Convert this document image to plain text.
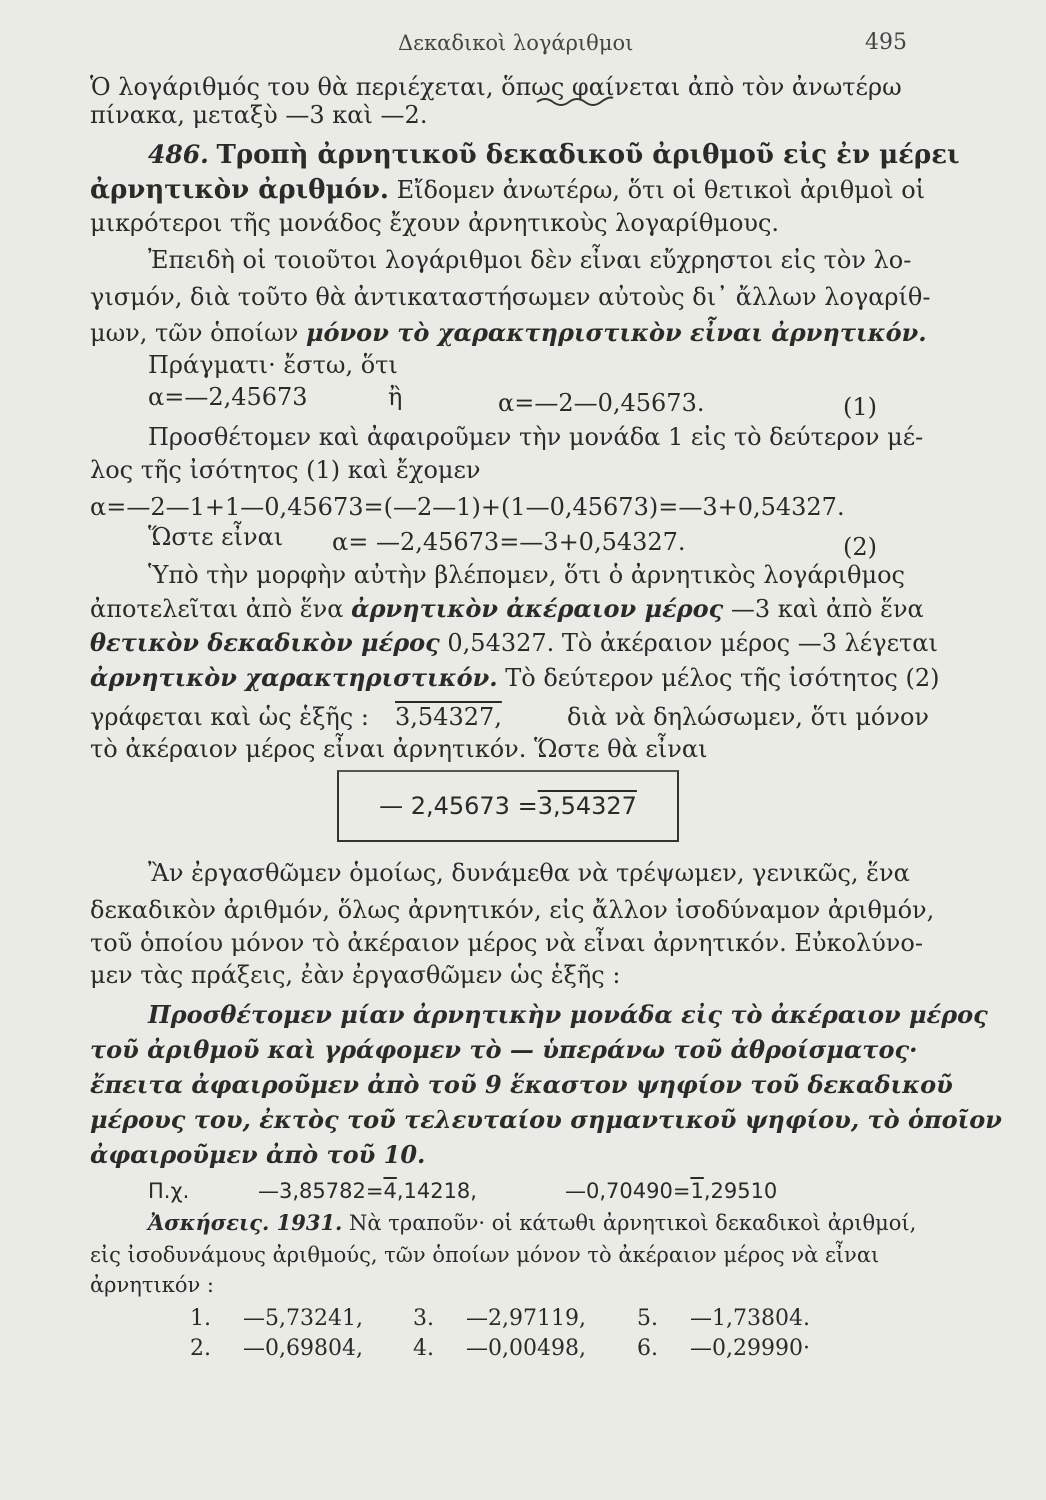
Δεκαδικοὶ λογάριθμοι	495
Ὁ λογάριθμός του θὰ περιέχεται, ὅπως φαίνεται ἀπὸ τὸν ἀνωτέρω
πίνακα, μεταξὺ —3 καὶ —2.
486. Τροπὴ ἀρνητικοῦ δεκαδικοῦ ἀριθμοῦ εἰς ἐν μέρει
ἀρνητικὸν ἀριθμόν. Εἴδομεν ἀνωτέρω, ὅτι οἱ θετικοὶ ἀριθμοὶ οἱ
μικρότεροι τῆς μονάδος ἔχουν ἀρνητικοὺς λογαρίθμους.
Ἐπειδὴ οἱ τοιοῦτοι λογάριθμοι δὲν εἶναι εὔχρηστοι εἰς τὸν λο-
γισμόν, διὰ τοῦτο θὰ ἀντικαταστήσωμεν αὐτοὺς δι᾿ ἄλλων λογαρίθ-
μων, τῶν ὁποίων μόνον τὸ χαρακτηριστικὸν εἶναι ἀρνητικόν.
Πράγματι· ἔστω, ὅτι
α=—2,45673	ἢ	α=—2—0,45673.	(1)
Προσθέτομεν καὶ ἀφαιροῦμεν τὴν μονάδα 1 εἰς τὸ δεύτερον μέ-
λος τῆς ἰσότητος (1) καὶ ἔχομεν
α=—2—1+1—0,45673=(—2—1)+(1—0,45673)=—3+0,54327.
Ὥστε εἶναι α= —2,45673=—3+0,54327.	(2)
Ὑπὸ τὴν μορφὴν αὐτὴν βλέπομεν, ὅτι ὁ ἀρνητικὸς λογάριθμος
ἀποτελεῖται ἀπὸ ἕνα ἀρνητικὸν ἀκέραιον μέρος —3 καὶ ἀπὸ ἕνα
θετικὸν δεκαδικὸν μέρος 0,54327. Τὸ ἀκέραιον μέρος —3 λέγεται
ἀρνητικὸν χαρακτηριστικόν. Τὸ δεύτερον μέλος τῆς ἰσότητος (2)
γράφεται καὶ ὡς ἑξῆς : 3,54327,	διὰ νὰ δηλώσωμεν, ὅτι μόνον
τὸ ἀκέραιον μέρος εἶναι ἀρνητικόν. Ὥστε θὰ εἶναι
— 2,45673 = 3,54327
Ἂν ἐργασθῶμεν ὁμοίως, δυνάμεθα νὰ τρέψωμεν, γενικῶς, ἕνα
δεκαδικὸν ἀριθμόν, ὅλως ἀρνητικόν, εἰς ἄλλον ἰσοδύναμον ἀριθμόν,
τοῦ ὁποίου μόνον τὸ ἀκέραιον μέρος νὰ εἶναι ἀρνητικόν. Εὐκολύνο-
μεν τὰς πράξεις, ἐὰν ἐργασθῶμεν ὡς ἑξῆς :
Προσθέτομεν μίαν ἀρνητικὴν μονάδα εἰς τὸ ἀκέραιον μέρος
τοῦ ἀριθμοῦ καὶ γράφομεν τὸ — ὑπεράνω τοῦ ἀθροίσματος·
ἔπειτα ἀφαιροῦμεν ἀπὸ τοῦ 9 ἕκαστον ψηφίον τοῦ δεκαδικοῦ
μέρους του, ἐκτὸς τοῦ τελευταίου σημαντικοῦ ψηφίου, τὸ ὁποῖον
ἀφαιροῦμεν ἀπὸ τοῦ 10.
Π.χ.	—3,85782=4,14218,	—0,70490=1,29510
Ἀσκήσεις. 1931. Νὰ τραποῦν· οἱ κάτωθι ἀρνητικοὶ δεκαδικοὶ ἀριθμοί,
εἰς ἰσοδυνάμους ἀριθμούς, τῶν ὁποίων μόνον τὸ ἀκέραιον μέρος νὰ εἶναι
ἀρνητικόν :
1. —5,73241, 3. —2,97119, 5. —1,73804.
2. —0,69804, 4. —0,00498, 6. —0,29990·
